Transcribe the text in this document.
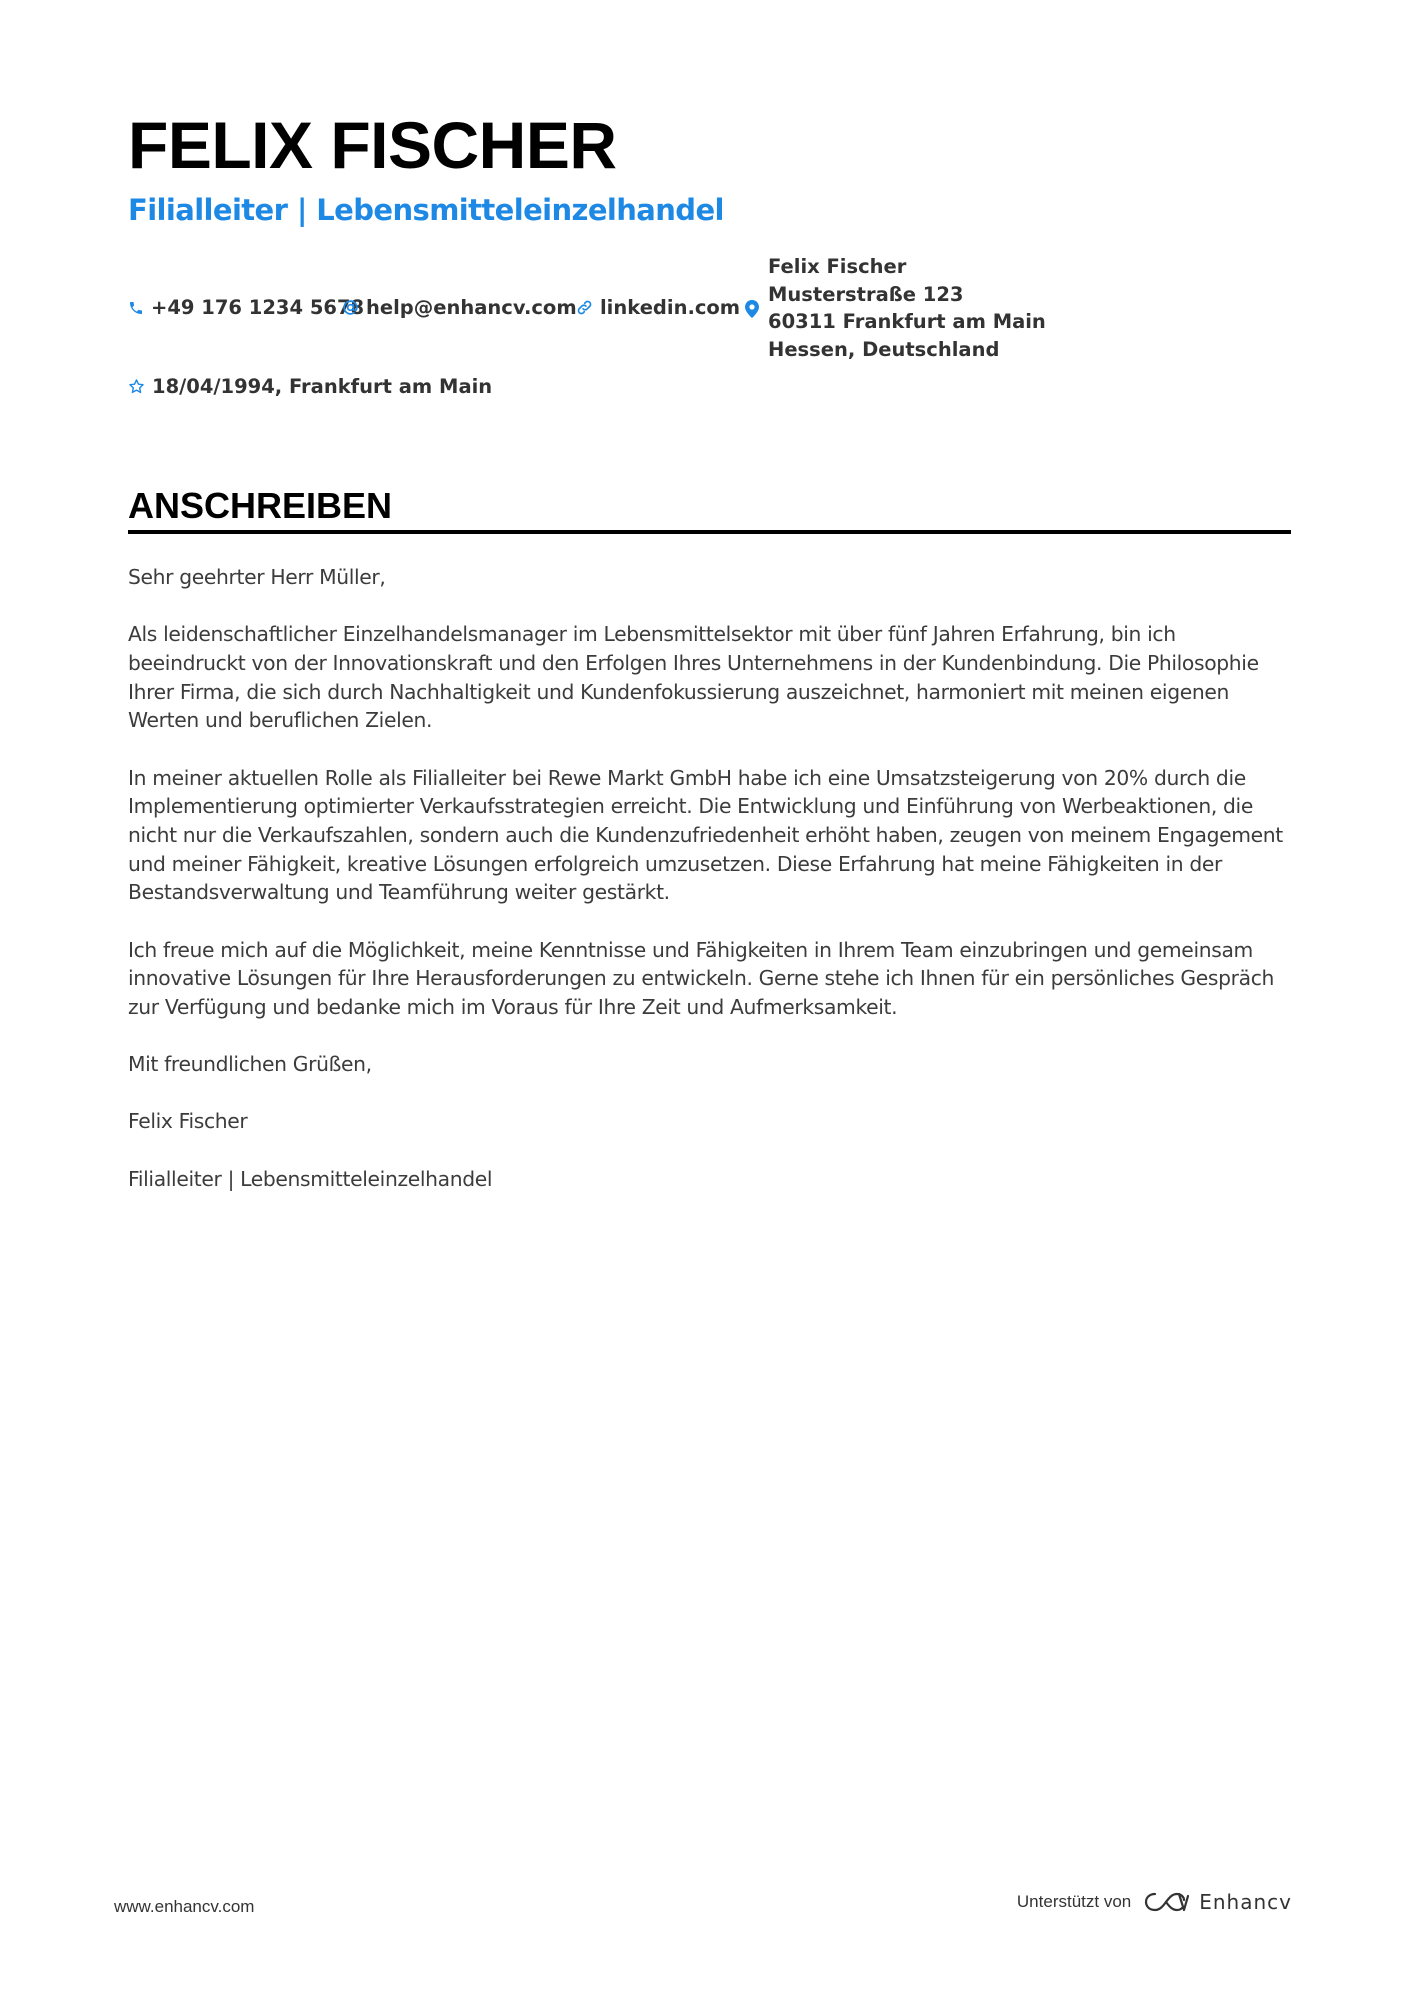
FELIX FISCHER
Filialleiter | Lebensmitteleinzelhandel
+49 176 1234 5678 help@enhancv.com linkedin.com
Felix Fischer
Musterstraße 123
60311 Frankfurt am Main
Hessen, Deutschland
18/04/1994, Frankfurt am Main
ANSCHREIBEN

Sehr geehrter Herr Müller,

Als leidenschaftlicher Einzelhandelsmanager im Lebensmittelsektor mit über fünf Jahren Erfahrung, bin ich beeindruckt von der Innovationskraft und den Erfolgen Ihres Unternehmens in der Kundenbindung. Die Philosophie Ihrer Firma, die sich durch Nachhaltigkeit und Kundenfokussierung auszeichnet, harmoniert mit meinen eigenen Werten und beruflichen Zielen.

In meiner aktuellen Rolle als Filialleiter bei Rewe Markt GmbH habe ich eine Umsatzsteigerung von 20% durch die Implementierung optimierter Verkaufsstrategien erreicht. Die Entwicklung und Einführung von Werbeaktionen, die nicht nur die Verkaufszahlen, sondern auch die Kundenzufriedenheit erhöht haben, zeugen von meinem Engagement und meiner Fähigkeit, kreative Lösungen erfolgreich umzusetzen. Diese Erfahrung hat meine Fähigkeiten in der Bestandsverwaltung und Teamführung weiter gestärkt.

Ich freue mich auf die Möglichkeit, meine Kenntnisse und Fähigkeiten in Ihrem Team einzubringen und gemeinsam innovative Lösungen für Ihre Herausforderungen zu entwickeln. Gerne stehe ich Ihnen für ein persönliches Gespräch zur Verfügung und bedanke mich im Voraus für Ihre Zeit und Aufmerksamkeit.

Mit freundlichen Grüßen,

Felix Fischer

Filialleiter | Lebensmitteleinzelhandel

www.enhancv.com	Unterstützt von	Enhancv
